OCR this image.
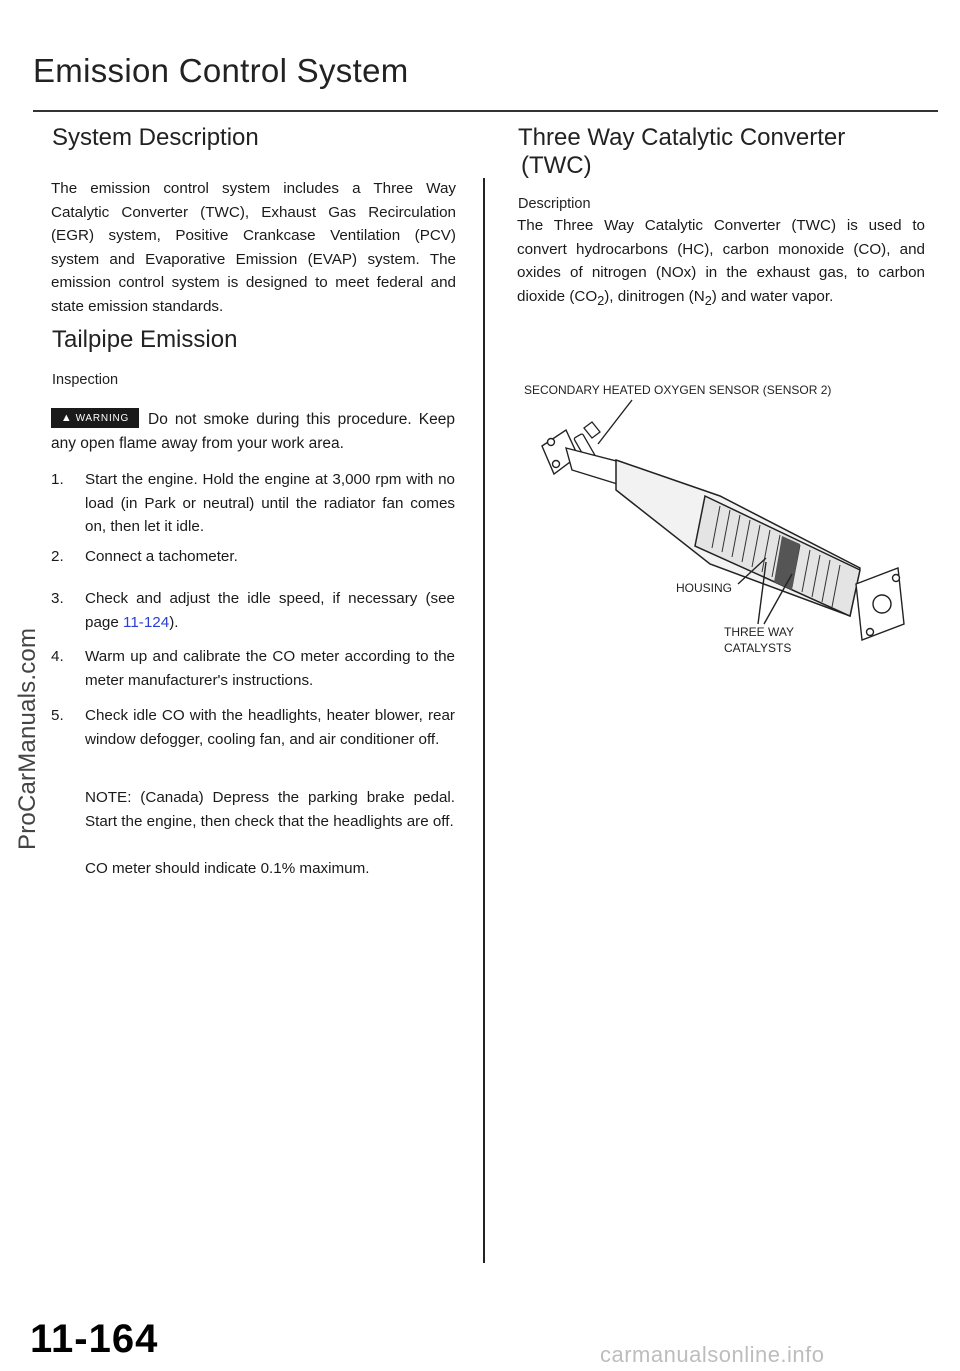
Emission Control System
System Description
The emission control system includes a Three Way Catalytic Converter (TWC), Exhaust Gas Recirculation (EGR) system, Positive Crankcase Ventilation (PCV) system and Evaporative Emission (EVAP) system. The emission control system is designed to meet federal and state emission standards.
Tailpipe Emission
Inspection
Do not smoke during this procedure. Keep any open flame away from your work area.
▲ WARNING
1. Start the engine. Hold the engine at 3,000 rpm with no load (in Park or neutral) until the radiator fan comes on, then let it idle.
2. Connect a tachometer.
3. Check and adjust the idle speed, if necessary (see page 11-124).
4. Warm up and calibrate the CO meter according to the meter manufacturer's instructions.
5. Check idle CO with the headlights, heater blower, rear window defogger, cooling fan, and air conditioner off.
NOTE: (Canada) Depress the parking brake pedal. Start the engine, then check that the headlights are off.
CO meter should indicate 0.1% maximum.
Three Way Catalytic Converter
(TWC)
Description
The Three Way Catalytic Converter (TWC) is used to convert hydrocarbons (HC), carbon monoxide (CO), and oxides of nitrogen (NOx) in the exhaust gas, to carbon dioxide $(CO_2)$, dinitrogen $(N_2)$ and water vapor.
SECONDARY HEATED OXYGEN SENSOR (SENSOR 2)
HOUSING
THREE WAY
CATALYSTS
ProCarManuals.com
11-164	carmanualsonline.info
